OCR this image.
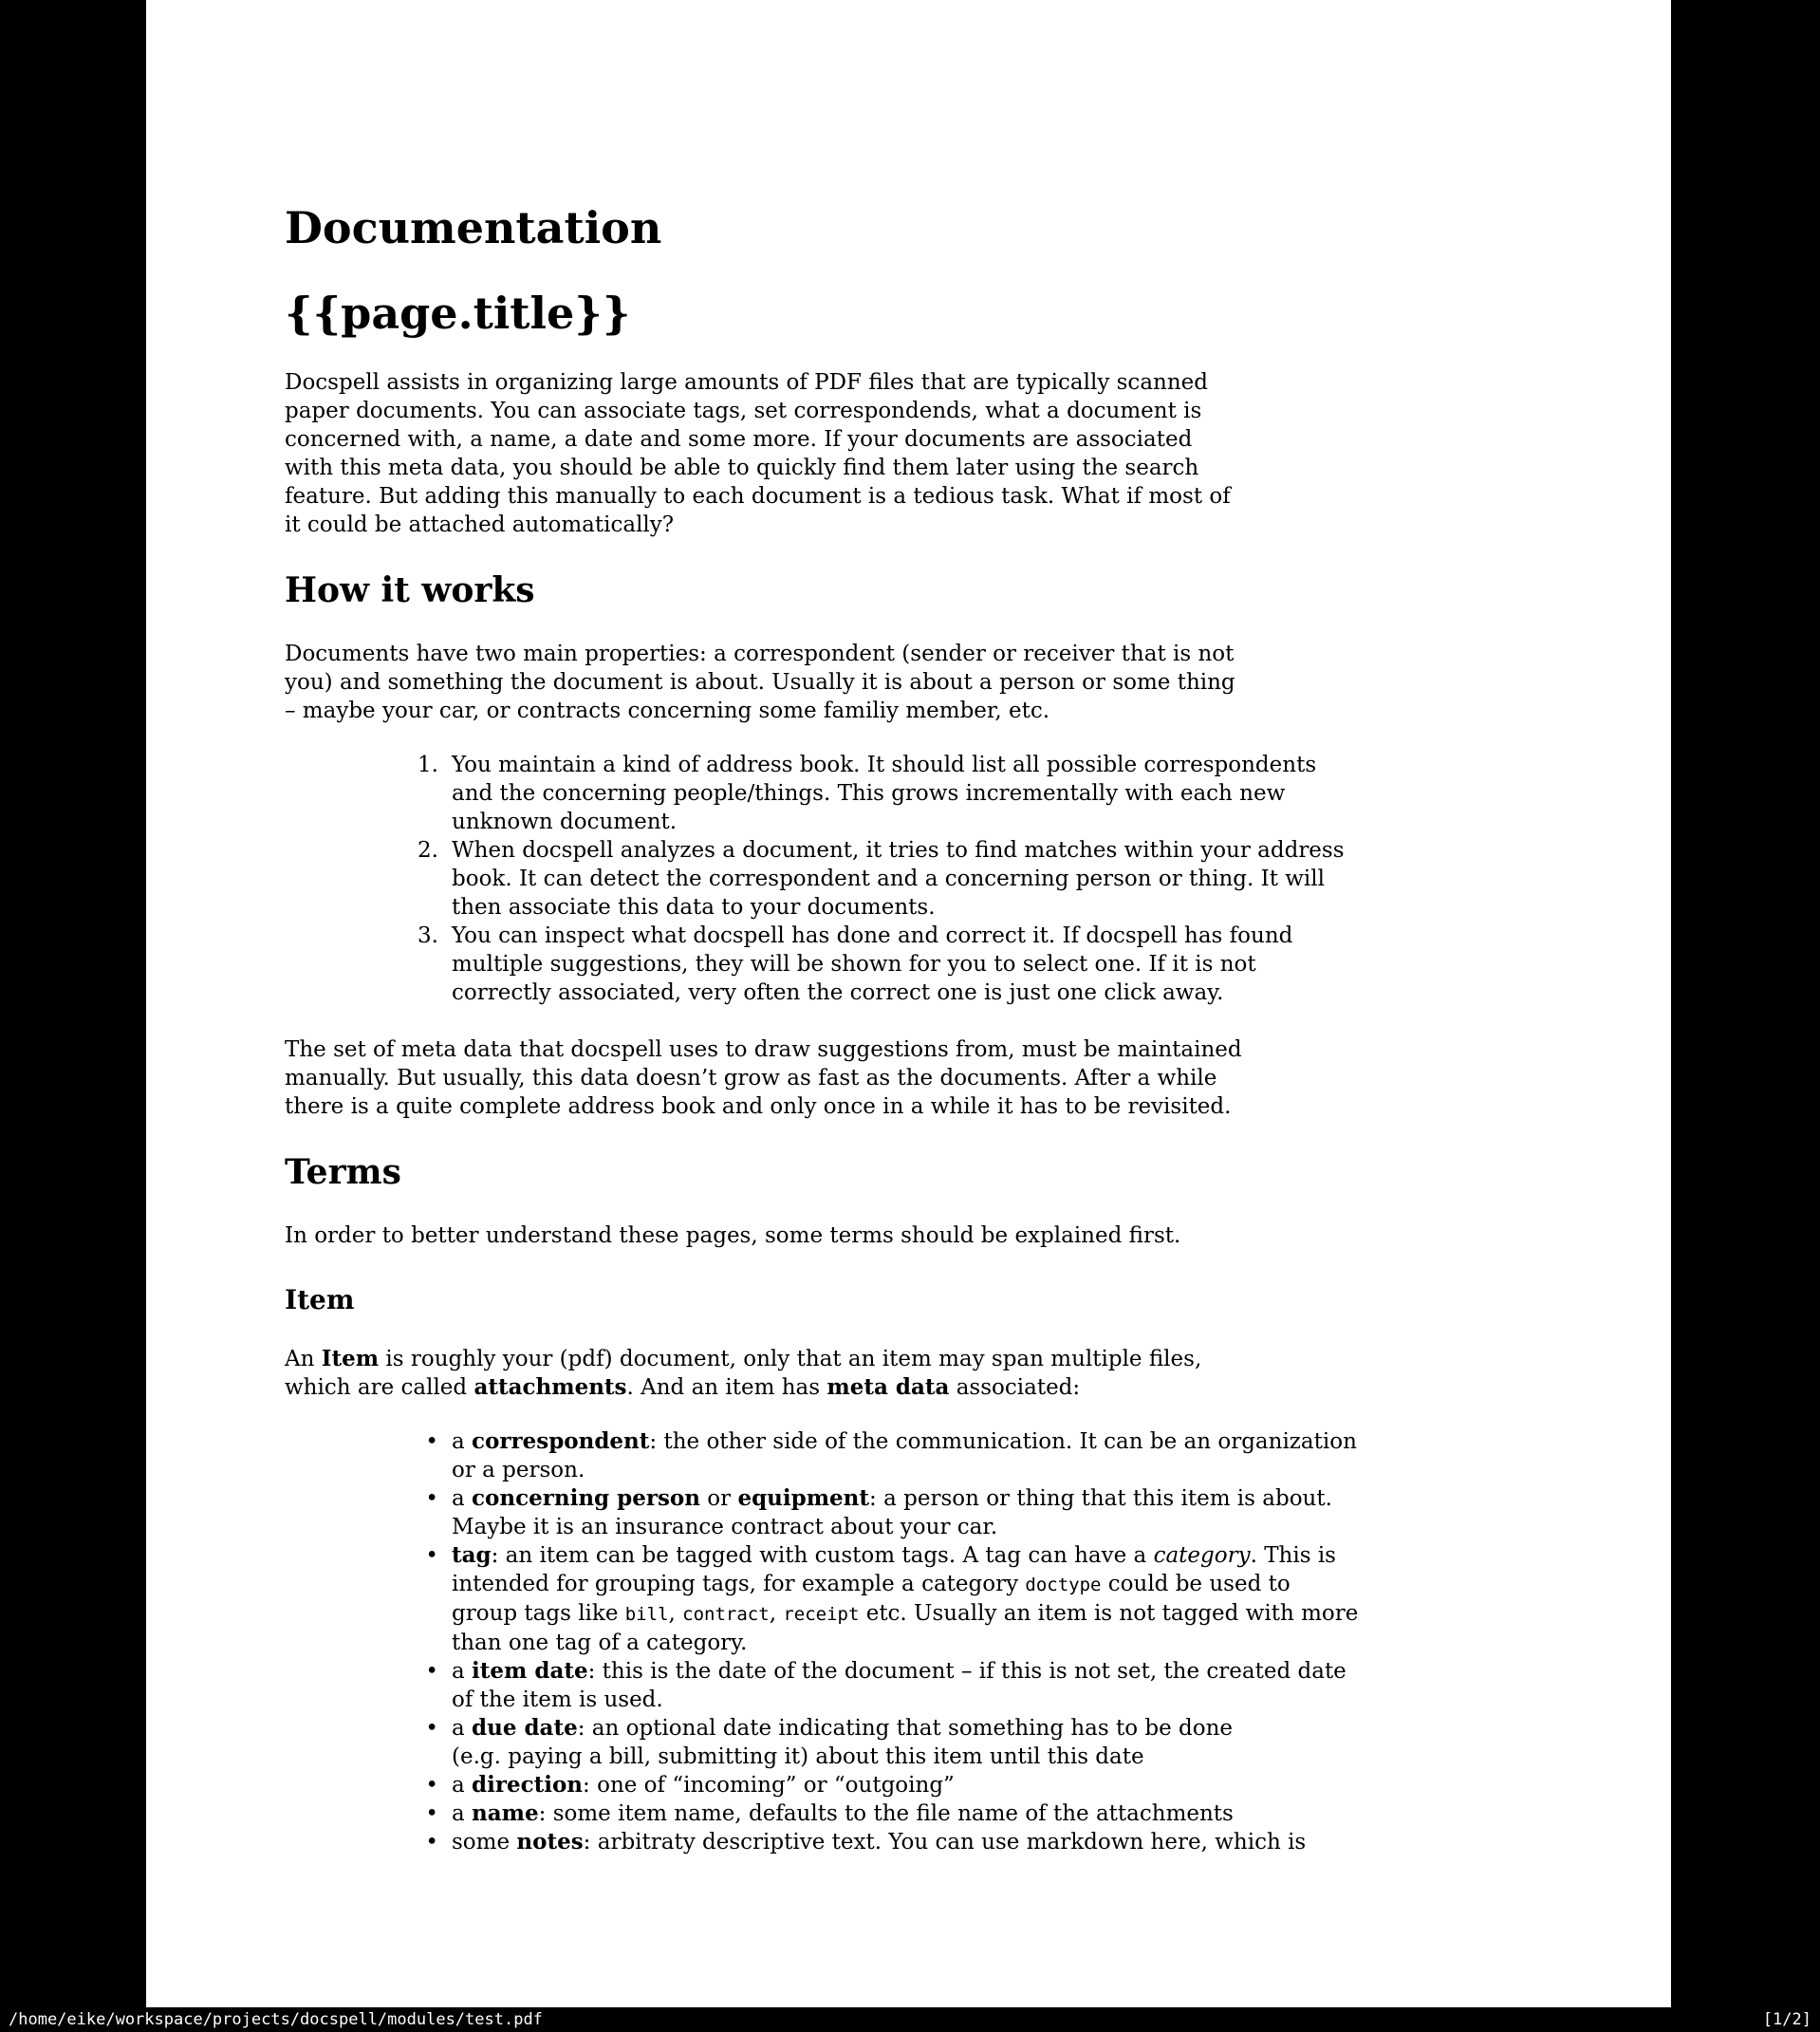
Documentation
{{page.title}}
Docspell assists in organizing large amounts of PDF files that are typically scanned
paper documents. You can associate tags, set correspondends, what a document is
concerned with, a name, a date and some more. If your documents are associated
with this meta data, you should be able to quickly find them later using the search
feature. But adding this manually to each document is a tedious task. What if most of
it could be attached automatically?
How it works
Documents have two main properties: a correspondent (sender or receiver that is not
you) and something the document is about. Usually it is about a person or some thing
– maybe your car, or contracts concerning some familiy member, etc.
1. You maintain a kind of address book. It should list all possible correspondents
and the concerning people/things. This grows incrementally with each new
unknown document.
2. When docspell analyzes a document, it tries to find matches within your address
book. It can detect the correspondent and a concerning person or thing. It will
then associate this data to your documents.
3. You can inspect what docspell has done and correct it. If docspell has found
multiple suggestions, they will be shown for you to select one. If it is not
correctly associated, very often the correct one is just one click away.
The set of meta data that docspell uses to draw suggestions from, must be maintained
manually. But usually, this data doesn’t grow as fast as the documents. After a while
there is a quite complete address book and only once in a while it has to be revisited.
Terms
In order to better understand these pages, some terms should be explained first.
Item
An Item is roughly your (pdf) document, only that an item may span multiple files,
which are called attachments. And an item has meta data associated:
• a correspondent: the other side of the communication. It can be an organization
or a person.
• a concerning person or equipment: a person or thing that this item is about.
Maybe it is an insurance contract about your car.
• tag: an item can be tagged with custom tags. A tag can have a category. This is
intended for grouping tags, for example a category doctype could be used to
group tags like bill, contract, receipt etc. Usually an item is not tagged with more
than one tag of a category.
• a item date: this is the date of the document – if this is not set, the created date
of the item is used.
• a due date: an optional date indicating that something has to be done
(e.g. paying a bill, submitting it) about this item until this date
• a direction: one of “incoming” or “outgoing”
• a name: some item name, defaults to the file name of the attachments
• some notes: arbitraty descriptive text. You can use markdown here, which is
/home/eike/workspace/projects/docspell/modules/test.pdf	[1/2]
